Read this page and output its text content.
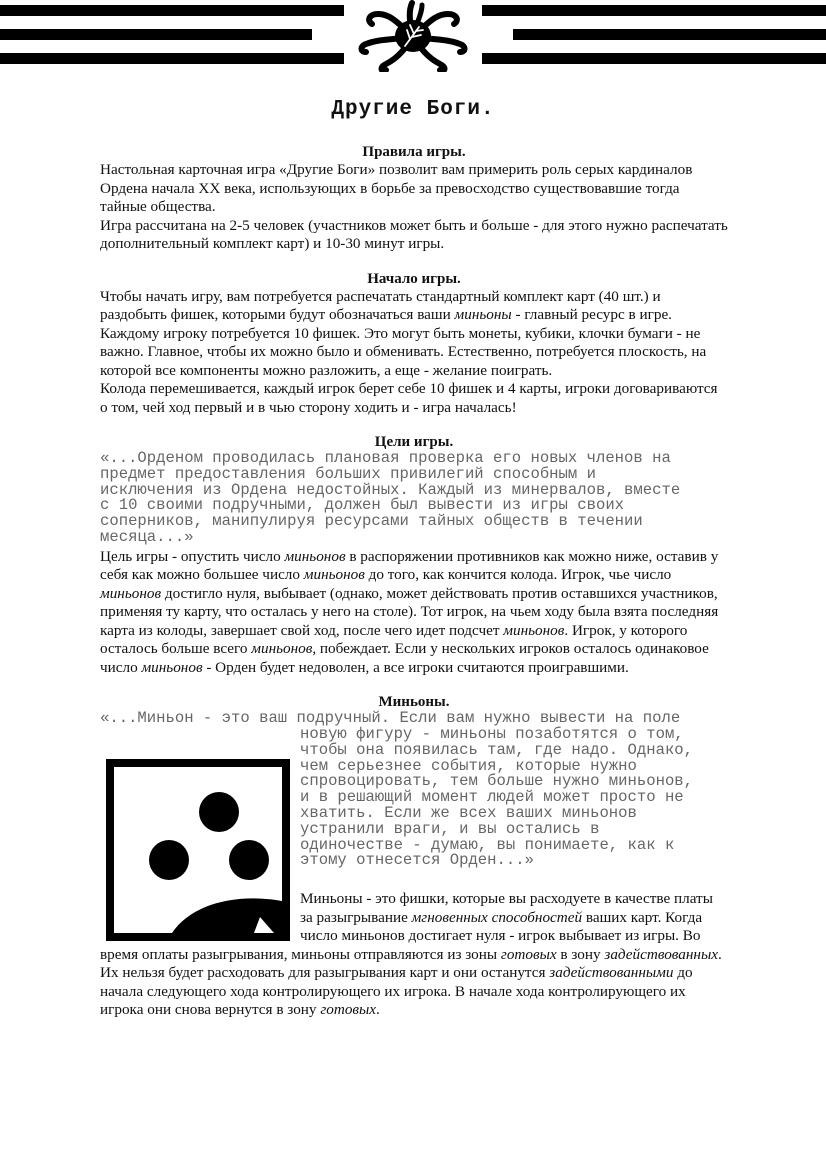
Другие Боги.
Правила игры.

Настольная карточная игра «Другие Боги» позволит вам примерить роль серых кардиналов Ордена начала XX века, использующих в борьбе за превосходство существовавшие тогда тайные общества.

Игра рассчитана на 2-5 человек (участников может быть и больше - для этого нужно распечатать дополнительный комплект карт) и 10-30 минут игры.

Начало игры.

Чтобы начать игру, вам потребуется распечатать стандартный комплект карт (40 шт.) и раздобыть фишек, которыми будут обозначаться ваши миньоны - главный ресурс в игре. Каждому игроку потребуется 10 фишек. Это могут быть монеты, кубики, клочки бумаги - не важно. Главное, чтобы их можно было и обменивать. Естественно, потребуется плоскость, на которой все компоненты можно разложить, а еще - желание поиграть.

Колода перемешивается, каждый игрок берет себе 10 фишек и 4 карты, игроки договариваются о том, чей ход первый и в чью сторону ходить и - игра началась!

Цели игры.
«...Орденом проводилась плановая проверка его новых членов на
предмет предоставления больших привилегий способным и
исключения из Ордена недостойных. Каждый из минервалов, вместе
с 10 своими подручными, должен был вывести из игры своих
соперников, манипулируя ресурсами тайных обществ в течении
месяца...»

Цель игры - опустить число миньонов в распоряжении противников как можно ниже, оставив у себя как можно большее число миньонов до того, как кончится колода. Игрок, чье число миньонов достигло нуля, выбывает (однако, может действовать против оставшихся участников, применяя ту карту, что осталась у него на столе). Тот игрок, на чьем ходу была взята последняя карта из колоды, завершает свой ход, после чего идет подсчет миньонов. Игрок, у которого осталось больше всего миньонов, побеждает. Если у нескольких игроков осталось одинаковое число миньонов - Орден будет недоволен, а все игроки считаются проигравшими.

Миньоны.
«...Миньон - это ваш подручный. Если вам нужно вывести на поле
новую фигуру - миньоны позаботятся о том,
чтобы она появилась там, где надо. Однако,
чем серьезнее события, которые нужно
спровоцировать, тем больше нужно миньонов,
и в решающий момент людей может просто не
хватить. Если же всех ваших миньонов
устранили враги, и вы остались в
одиночестве - думаю, вы понимаете, как к
этому отнесется Орден...»

Миньоны - это фишки, которые вы расходуете в качестве платы за разыгрывание мгновенных способностей ваших карт. Когда число миньонов достигает нуля - игрок выбывает из игры. Во время оплаты разыгрывания, миньоны отправляются из зоны готовых в зону задействованных. Их нельзя будет расходовать для разыгрывания карт и они останутся задействованными до начала следующего хода контролирующего их игрока. В начале хода контролирующего их игрока они снова вернутся в зону готовых.
